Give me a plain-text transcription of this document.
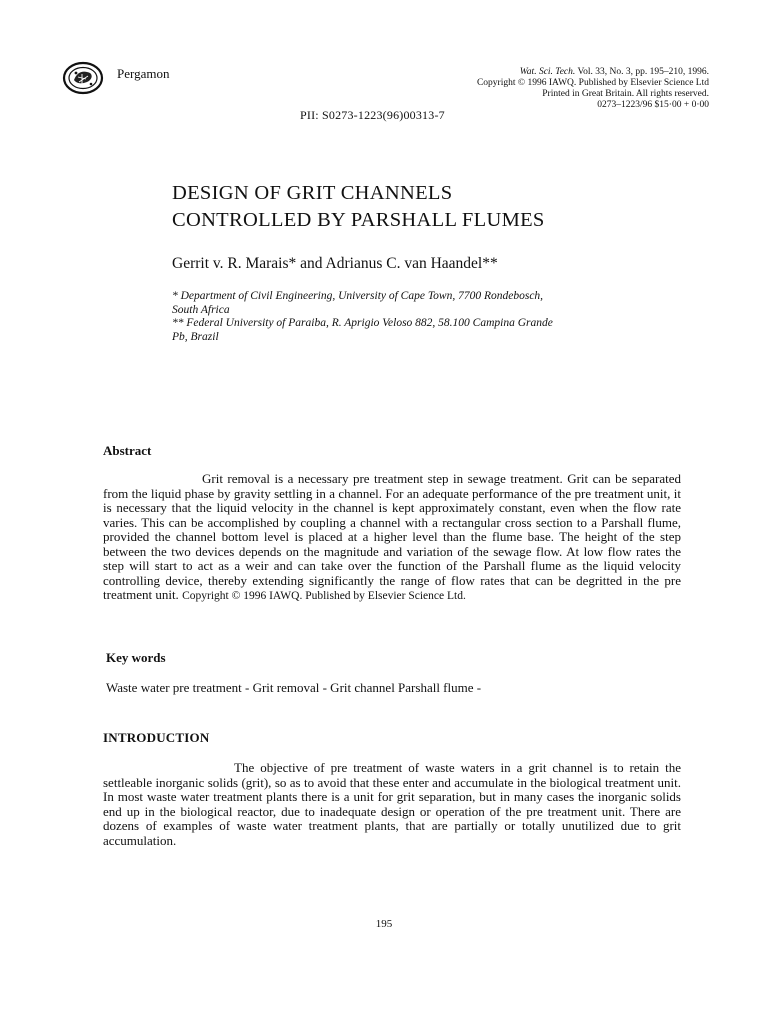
Pergamon	Wat. Sci. Tech. Vol. 33, No. 3, pp. 195–210, 1996.
Copyright © 1996 IAWQ. Published by Elsevier Science Ltd
Printed in Great Britain. All rights reserved.
0273–1223/96 $15·00 + 0·00
PII: S0273-1223(96)00313-7
DESIGN OF GRIT CHANNELS
CONTROLLED BY PARSHALL FLUMES
Gerrit v. R. Marais* and Adrianus C. van Haandel**
* Department of Civil Engineering, University of Cape Town, 7700 Rondebosch,
South Africa
** Federal University of Paraiba, R. Aprigio Veloso 882, 58.100 Campina Grande
Pb, Brazil
Abstract
Grit removal is a necessary pre treatment step in sewage treatment. Grit can be separated from the liquid phase by gravity settling in a channel. For an adequate performance of the pre treatment unit, it is necessary that the liquid velocity in the channel is kept approximately constant, even when the flow rate varies. This can be accomplished by coupling a channel with a rectangular cross section to a Parshall flume, provided the channel bottom level is placed at a higher level than the flume base. The height of the step between the two devices depends on the magnitude and variation of the sewage flow. At low flow rates the step will start to act as a weir and can take over the function of the Parshall flume as the liquid velocity controlling device, thereby extending significantly the range of flow rates that can be degritted in the pre treatment unit. Copyright © 1996 IAWQ. Published by Elsevier Science Ltd.
Key words
Waste water pre treatment - Grit removal - Grit channel Parshall flume -
INTRODUCTION
The objective of pre treatment of waste waters in a grit channel is to retain the settleable inorganic solids (grit), so as to avoid that these enter and accumulate in the biological treatment unit. In most waste water treatment plants there is a unit for grit separation, but in many cases the inorganic solids end up in the biological reactor, due to inadequate design or operation of the pre treatment unit. There are dozens of examples of waste water treatment plants, that are partially or totally unutilized due to grit accumulation.
195
